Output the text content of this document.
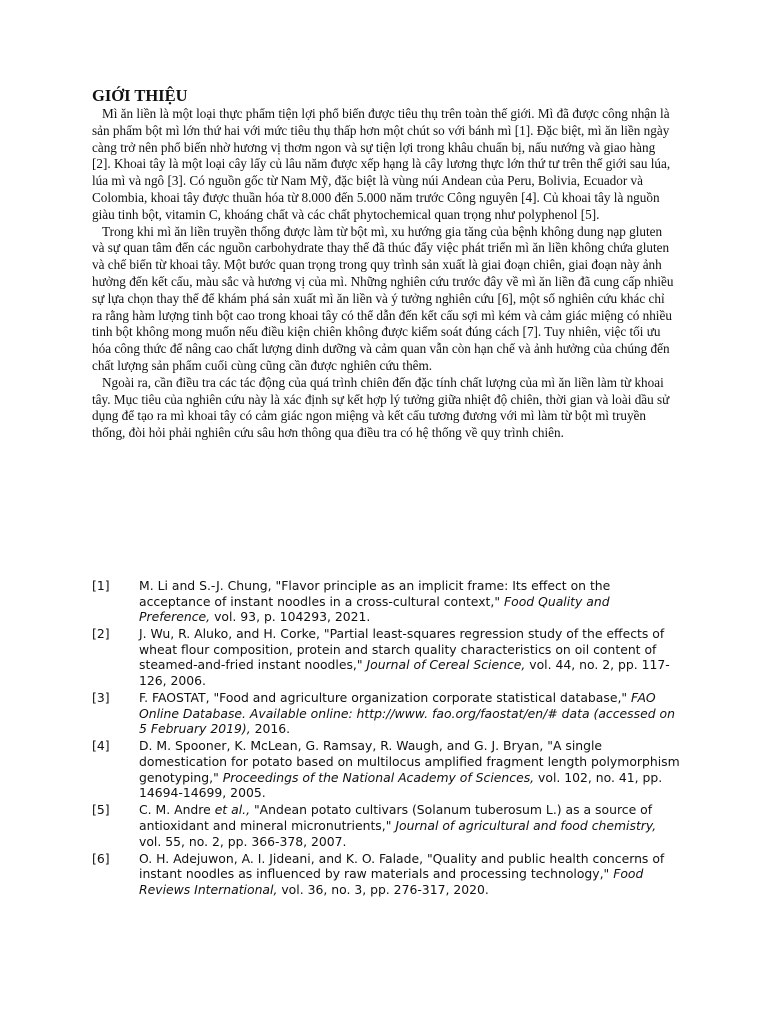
GIỚI THIỆU

Mì ăn liền là một loại thực phẩm tiện lợi phổ biến được tiêu thụ trên toàn thế giới. Mì đã được công nhận là sản phẩm bột mì lớn thứ hai với mức tiêu thụ thấp hơn một chút so với bánh mì [1]. Đặc biệt, mì ăn liền ngày càng trở nên phổ biến nhờ hương vị thơm ngon và sự tiện lợi trong khâu chuẩn bị, nấu nướng và giao hàng [2]. Khoai tây là một loại cây lấy củ lâu năm được xếp hạng là cây lương thực lớn thứ tư trên thế giới sau lúa, lúa mì và ngô [3]. Có nguồn gốc từ Nam Mỹ, đặc biệt là vùng núi Andean của Peru, Bolivia, Ecuador và Colombia, khoai tây được thuần hóa từ 8.000 đến 5.000 năm trước Công nguyên [4]. Củ khoai tây là nguồn giàu tinh bột, vitamin C, khoáng chất và các chất phytochemical quan trọng như polyphenol [5].

Trong khi mì ăn liền truyền thống được làm từ bột mì, xu hướng gia tăng của bệnh không dung nạp gluten và sự quan tâm đến các nguồn carbohydrate thay thế đã thúc đẩy việc phát triển mì ăn liền không chứa gluten và chế biến từ khoai tây. Một bước quan trọng trong quy trình sản xuất là giai đoạn chiên, giai đoạn này ảnh hưởng đến kết cấu, màu sắc và hương vị của mì. Những nghiên cứu trước đây về mì ăn liền đã cung cấp nhiều sự lựa chọn thay thế để khám phá sản xuất mì ăn liền và ý tưởng nghiên cứu [6], một số nghiên cứu khác chỉ ra rằng hàm lượng tinh bột cao trong khoai tây có thể dẫn đến kết cấu sợi mì kém và cảm giác miệng có nhiều tinh bột không mong muốn nếu điều kiện chiên không được kiểm soát đúng cách [7]. Tuy nhiên, việc tối ưu hóa công thức để nâng cao chất lượng dinh dưỡng và cảm quan vẫn còn hạn chế và ảnh hưởng của chúng đến chất lượng sản phẩm cuối cùng cũng cần được nghiên cứu thêm.

Ngoài ra, cần điều tra các tác động của quá trình chiên đến đặc tính chất lượng của mì ăn liền làm từ khoai tây. Mục tiêu của nghiên cứu này là xác định sự kết hợp lý tưởng giữa nhiệt độ chiên, thời gian và loài dầu sử dụng để tạo ra mì khoai tây có cảm giác ngon miệng và kết cấu tương đương với mì làm từ bột mì truyền thống, đòi hỏi phải nghiên cứu sâu hơn thông qua điều tra có hệ thống về quy trình chiên.

[1]	M. Li and S.-J. Chung, "Flavor principle as an implicit frame: Its effect on the acceptance of instant noodles in a cross-cultural context," Food Quality and Preference, vol. 93, p. 104293, 2021.
[2]	J. Wu, R. Aluko, and H. Corke, "Partial least-squares regression study of the effects of wheat flour composition, protein and starch quality characteristics on oil content of steamed-and-fried instant noodles," Journal of Cereal Science, vol. 44, no. 2, pp. 117-126, 2006.
[3]	F. FAOSTAT, "Food and agriculture organization corporate statistical database," FAO Online Database. Available online: http://www. fao.org/faostat/en/# data (accessed on 5 February 2019), 2016.
[4]	D. M. Spooner, K. McLean, G. Ramsay, R. Waugh, and G. J. Bryan, "A single domestication for potato based on multilocus amplified fragment length polymorphism genotyping," Proceedings of the National Academy of Sciences, vol. 102, no. 41, pp. 14694-14699, 2005.
[5]	C. M. Andre et al., "Andean potato cultivars (Solanum tuberosum L.) as a source of antioxidant and mineral micronutrients," Journal of agricultural and food chemistry, vol. 55, no. 2, pp. 366-378, 2007.
[6]	O. H. Adejuwon, A. I. Jideani, and K. O. Falade, "Quality and public health concerns of instant noodles as influenced by raw materials and processing technology," Food Reviews International, vol. 36, no. 3, pp. 276-317, 2020.
